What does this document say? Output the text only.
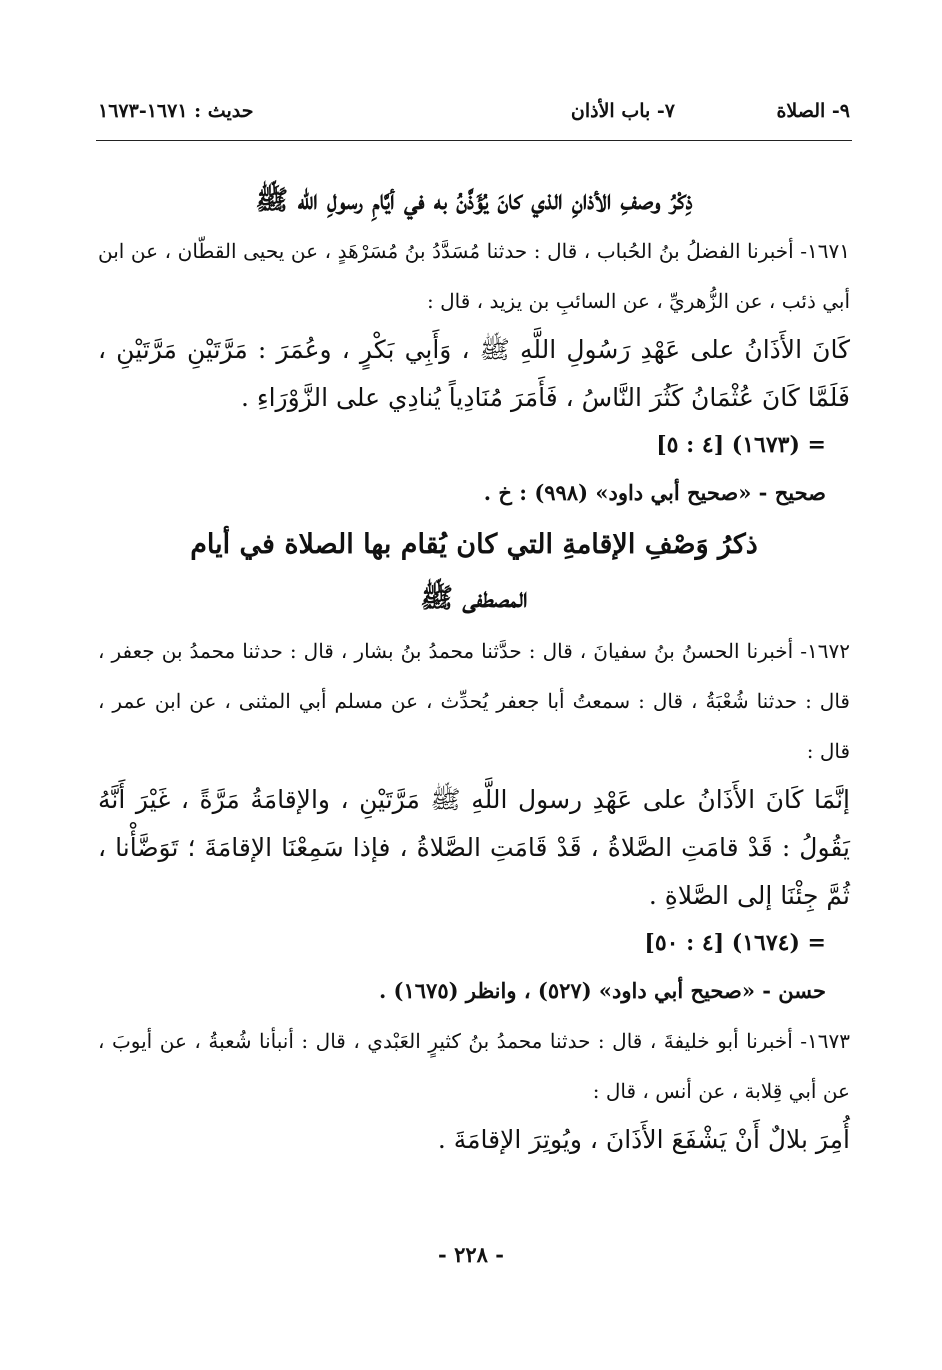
٩- الصلاة
٧- باب الأذان
حديث : ١٦٧١-١٦٧٣

ذِكْرُ وصفِ الأذانِ الذي كانَ يُؤَذَّنُ به في أيَّامِ رسولِ الله ﷺ

١٦٧١- أخبرنا الفضلُ بنُ الحُباب ، قال : حدثنا مُسَدَّدُ بنُ مُسَرْهَدٍ ، عن يحيى القطّان ، عن ابن أبي ذئب ، عن الزُّهريِّ ، عن السائبِ بن يزيد ، قال :

كَانَ الأَذَانُ على عَهْدِ رَسُولِ اللَّهِ ﷺ ، وَأَبِي بَكْرٍ ، وعُمَرَ : مَرَّتَيْنِ مَرَّتَيْنِ ، فَلَمَّا كَانَ عُثْمَانُ كَثُرَ النَّاسُ ، فَأَمَرَ مُنَادِياً يُنادِي على الزَّوْرَاءِ .

= (١٦٧٣) [٤ : ٥]

صحيح - «صحيح أبي داود» (٩٩٨) : خ .

ذكرُ وَصْفِ الإقامةِ التي كان يُقام بها الصلاة في أيام

المصطفى ﷺ

١٦٧٢- أخبرنا الحسنُ بنُ سفيانَ ، قال : حدَّثنا محمدُ بنُ بشار ، قال : حدثنا محمدُ بن جعفر ، قال : حدثنا شُعْبَةُ ، قال : سمعتُ أبا جعفر يُحدِّث ، عن مسلم أبي المثنى ، عن ابن عمر ، قال :

إنَّمَا كَانَ الأَذَانُ على عَهْدِ رسول اللَّهِ ﷺ مَرَّتَيْنِ ، والإقامَةُ مَرَّةً ، غَيْرَ أَنَّهُ يَقُولُ : قَدْ قامَتِ الصَّلاةُ ، قَدْ قَامَتِ الصَّلاةُ ، فإذا سَمِعْنَا الإقامَةَ ؛ تَوَضَّأْنا ، ثُمَّ جِئْنَا إلى الصَّلاةِ .

= (١٦٧٤) [٤ : ٥٠]

حسن - «صحيح أبي داود» (٥٢٧) ، وانظر (١٦٧٥) .

١٦٧٣- أخبرنا أبو خليفةَ ، قال : حدثنا محمدُ بنُ كثيرٍ العَبْدي ، قال : أنبأنا شُعبةُ ، عن أيوبَ ، عن أبي قِلابة ، عن أنس ، قال :

أُمِرَ بلالٌ أَنْ يَشْفَعَ الأَذَانَ ، ويُوتِرَ الإقامَةَ .

- ٢٢٨ -
